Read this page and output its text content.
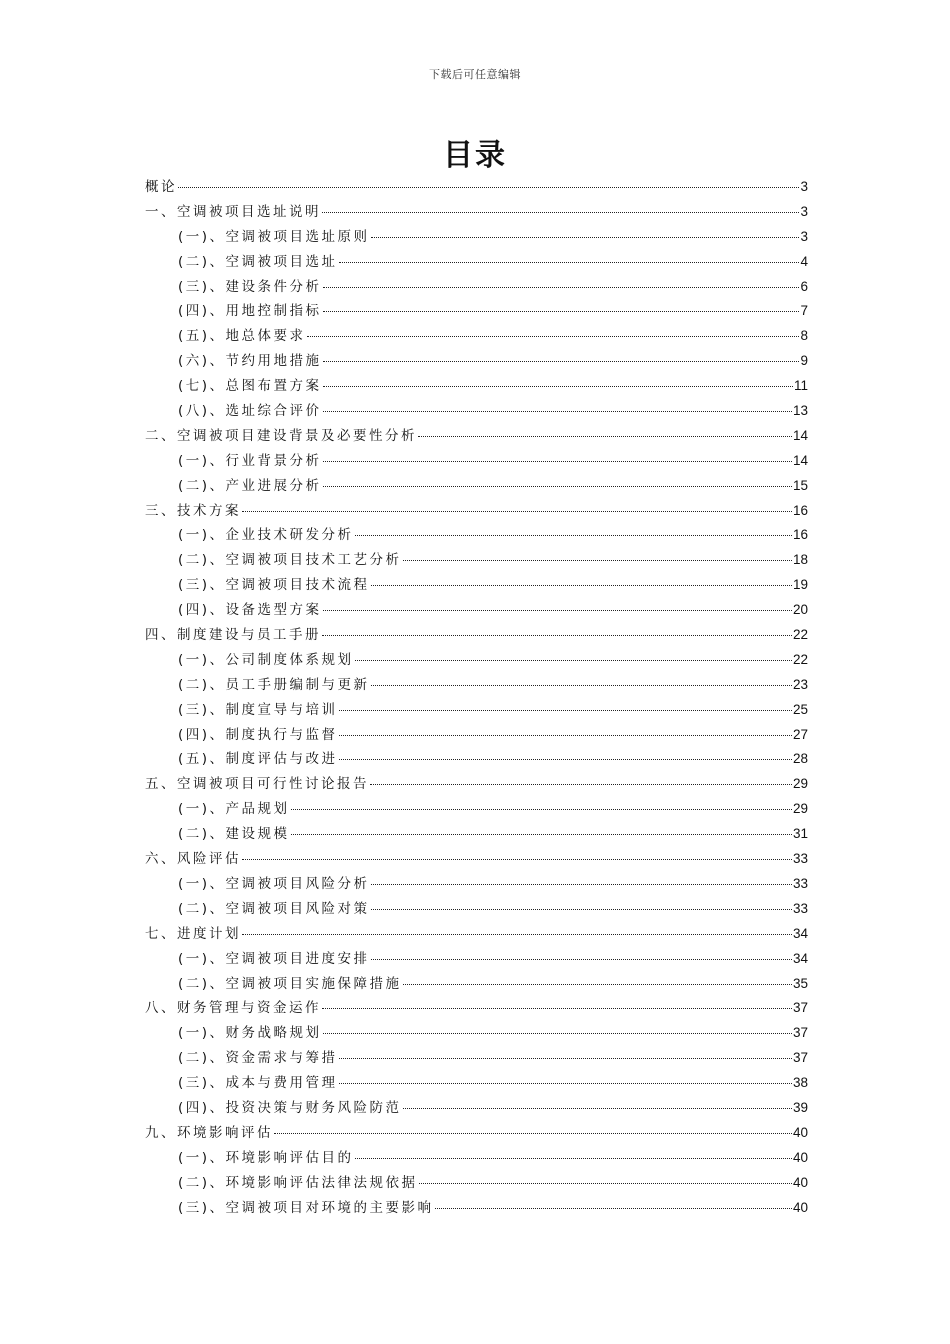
下载后可任意编辑
目录
概论	3
一、空调被项目选址说明	3
(一)、空调被项目选址原则	3
(二)、空调被项目选址	4
(三)、建设条件分析	6
(四)、用地控制指标	7
(五)、地总体要求	8
(六)、节约用地措施	9
(七)、总图布置方案	11
(八)、选址综合评价	13
二、空调被项目建设背景及必要性分析	14
(一)、行业背景分析	14
(二)、产业进展分析	15
三、技术方案	16
(一)、企业技术研发分析	16
(二)、空调被项目技术工艺分析	18
(三)、空调被项目技术流程	19
(四)、设备选型方案	20
四、制度建设与员工手册	22
(一)、公司制度体系规划	22
(二)、员工手册编制与更新	23
(三)、制度宣导与培训	25
(四)、制度执行与监督	27
(五)、制度评估与改进	28
五、空调被项目可行性讨论报告	29
(一)、产品规划	29
(二)、建设规模	31
六、风险评估	33
(一)、空调被项目风险分析	33
(二)、空调被项目风险对策	33
七、进度计划	34
(一)、空调被项目进度安排	34
(二)、空调被项目实施保障措施	35
八、财务管理与资金运作	37
(一)、财务战略规划	37
(二)、资金需求与筹措	37
(三)、成本与费用管理	38
(四)、投资决策与财务风险防范	39
九、环境影响评估	40
(一)、环境影响评估目的	40
(二)、环境影响评估法律法规依据	40
(三)、空调被项目对环境的主要影响	40
